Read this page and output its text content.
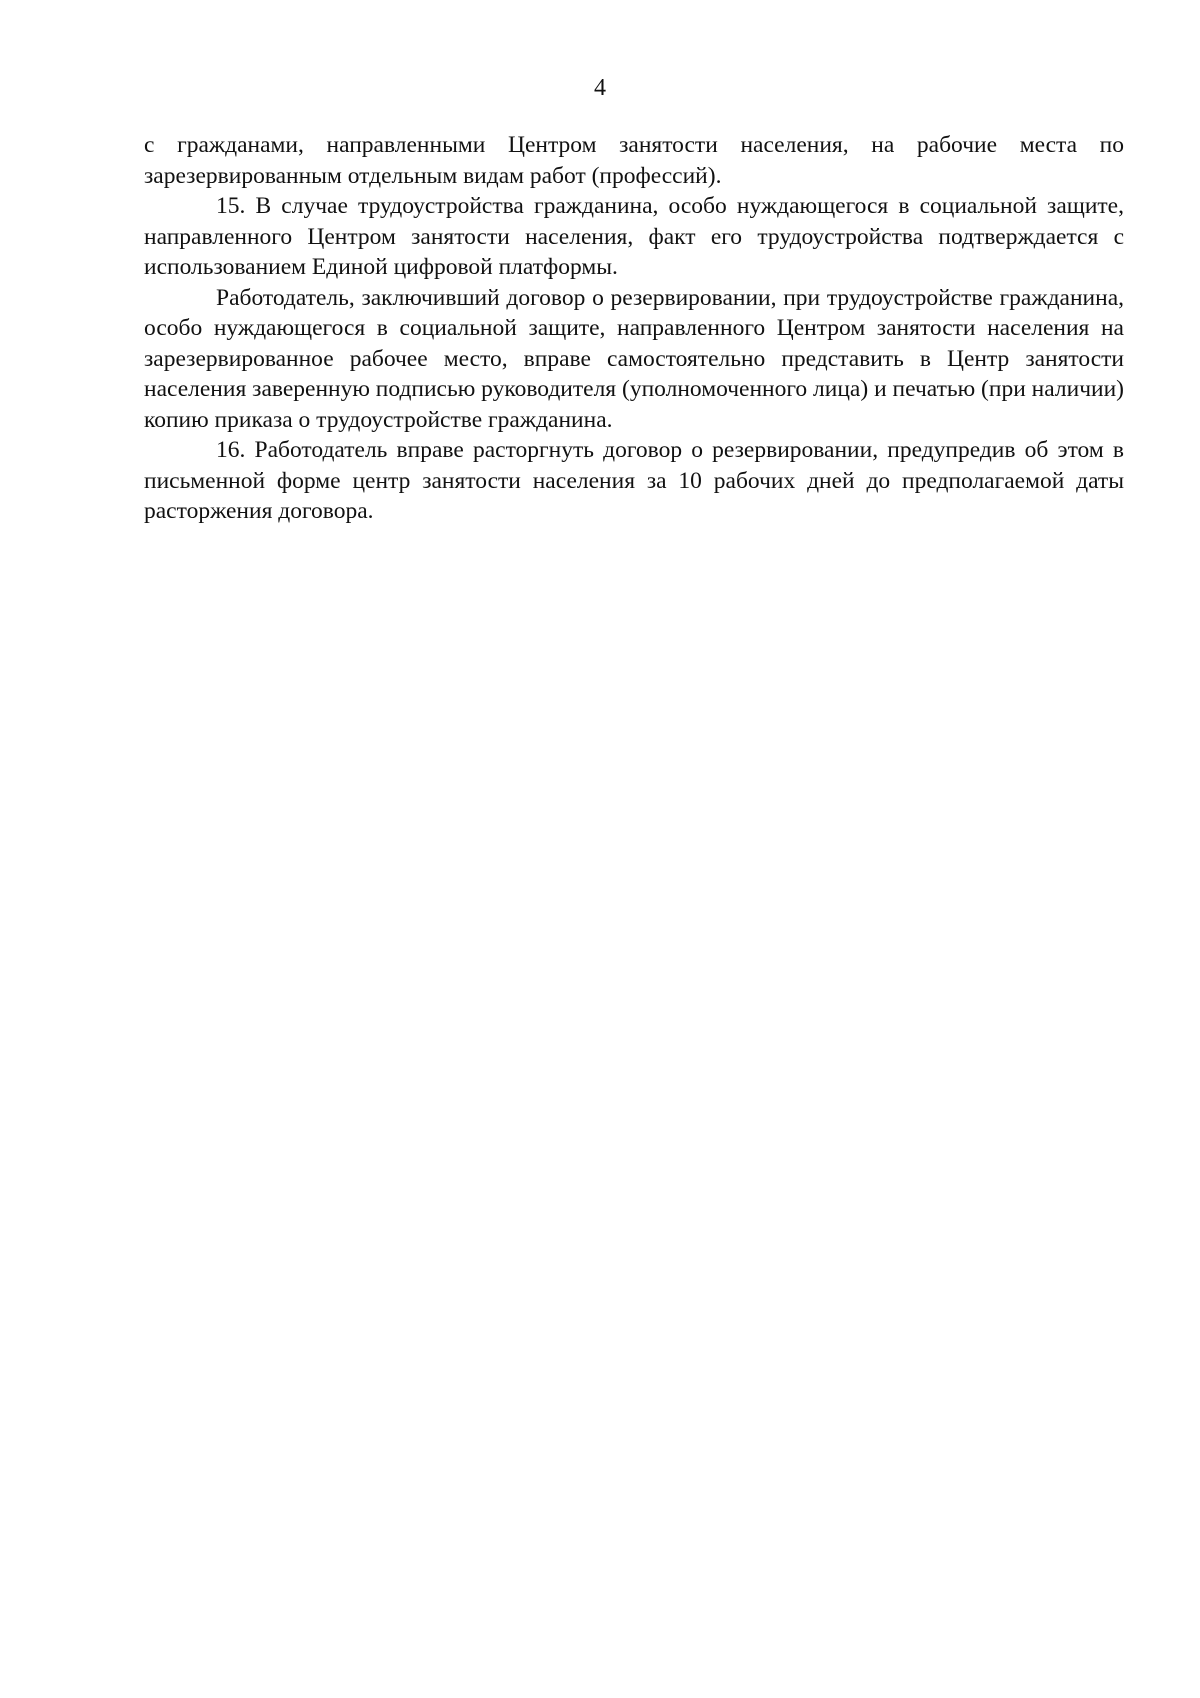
4

с гражданами, направленными Центром занятости населения, на рабочие места по зарезервированным отдельным видам работ (профессий).

15. В случае трудоустройства гражданина, особо нуждающегося в социальной защите, направленного Центром занятости населения, факт его трудоустройства подтверждается с использованием Единой цифровой платформы.

Работодатель, заключивший договор о резервировании, при трудоустройстве гражданина, особо нуждающегося в социальной защите, направленного Центром занятости населения на зарезервированное рабочее место, вправе самостоятельно представить в Центр занятости населения заверенную подписью руководителя (уполномоченного лица) и печатью (при наличии) копию приказа о трудоустройстве гражданина.

16. Работодатель вправе расторгнуть договор о резервировании, предупредив об этом в письменной форме центр занятости населения за 10 рабочих дней до предполагаемой даты расторжения договора.
